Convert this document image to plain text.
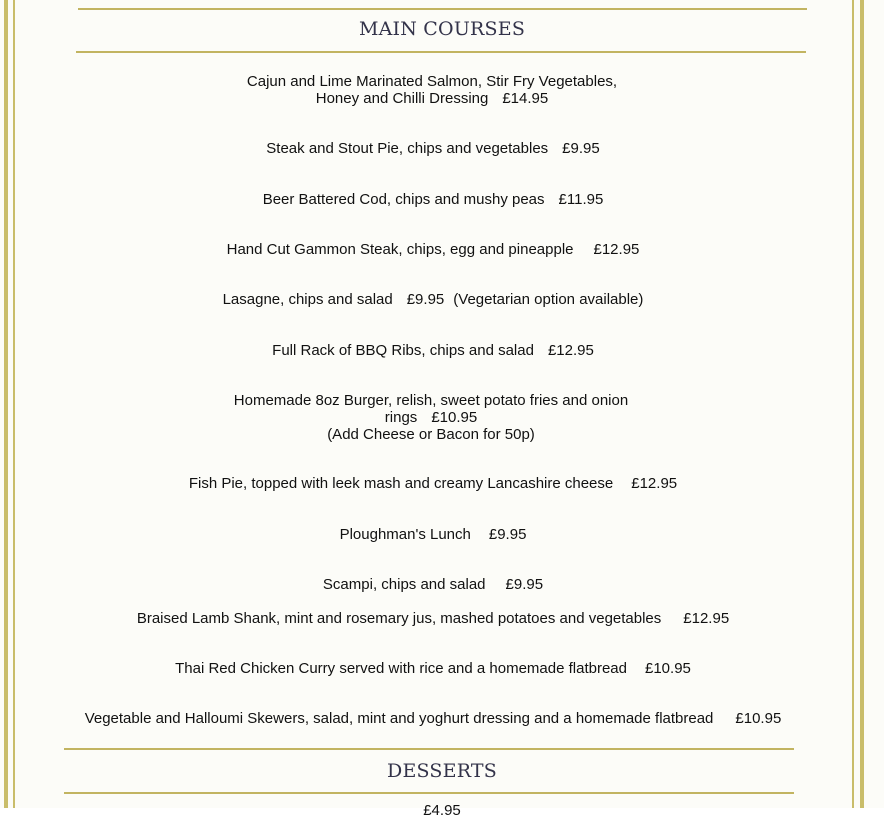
MAIN COURSES
Cajun and Lime Marinated Salmon, Stir Fry Vegetables,
Honey and Chilli Dressing £14.95
Steak and Stout Pie, chips and vegetables £9.95
Beer Battered Cod, chips and mushy peas £11.95
Hand Cut Gammon Steak, chips, egg and pineapple £12.95
Lasagne, chips and salad £9.95 (Vegetarian option available)
Full Rack of BBQ Ribs, chips and salad £12.95
Homemade 8oz Burger, relish, sweet potato fries and onion
rings £10.95
(Add Cheese or Bacon for 50p)
Fish Pie, topped with leek mash and creamy Lancashire cheese £12.95
Ploughman's Lunch £9.95
Scampi, chips and salad £9.95
Braised Lamb Shank, mint and rosemary jus, mashed potatoes and vegetables £12.95
Thai Red Chicken Curry served with rice and a homemade flatbread £10.95
Vegetable and Halloumi Skewers, salad, mint and yoghurt dressing and a homemade flatbread £10.95
DESSERTS
£4.95
